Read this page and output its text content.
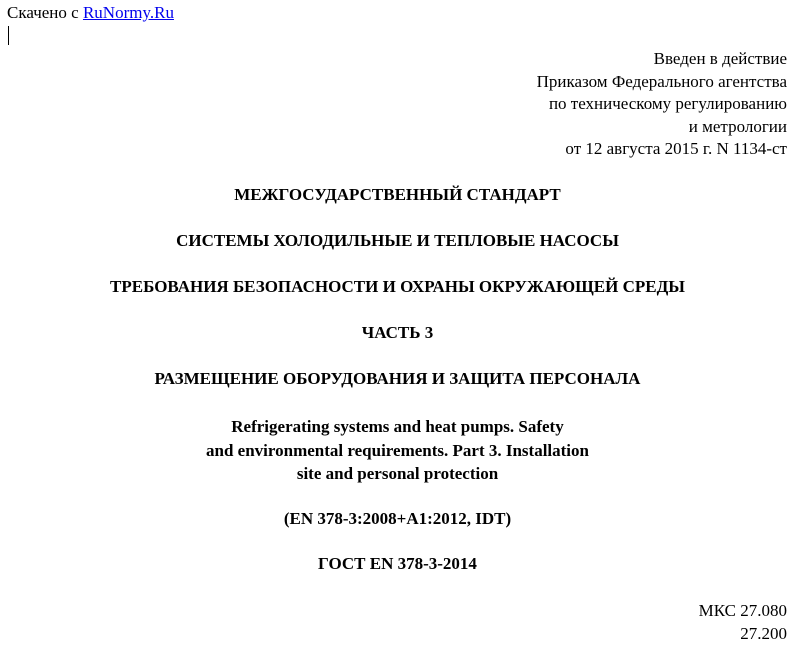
Скачено с RuNormy.Ru
Введен в действие
Приказом Федерального агентства
по техническому регулированию
и метрологии
от 12 августа 2015 г. N 1134-ст
МЕЖГОСУДАРСТВЕННЫЙ СТАНДАРТ
СИСТЕМЫ ХОЛОДИЛЬНЫЕ И ТЕПЛОВЫЕ НАСОСЫ
ТРЕБОВАНИЯ БЕЗОПАСНОСТИ И ОХРАНЫ ОКРУЖАЮЩЕЙ СРЕДЫ
ЧАСТЬ 3
РАЗМЕЩЕНИЕ ОБОРУДОВАНИЯ И ЗАЩИТА ПЕРСОНАЛА
Refrigerating systems and heat pumps. Safety
and environmental requirements. Part 3. Installation
site and personal protection
(EN 378-3:2008+A1:2012, IDT)
ГОСТ EN 378-3-2014
МКС 27.080
27.200
